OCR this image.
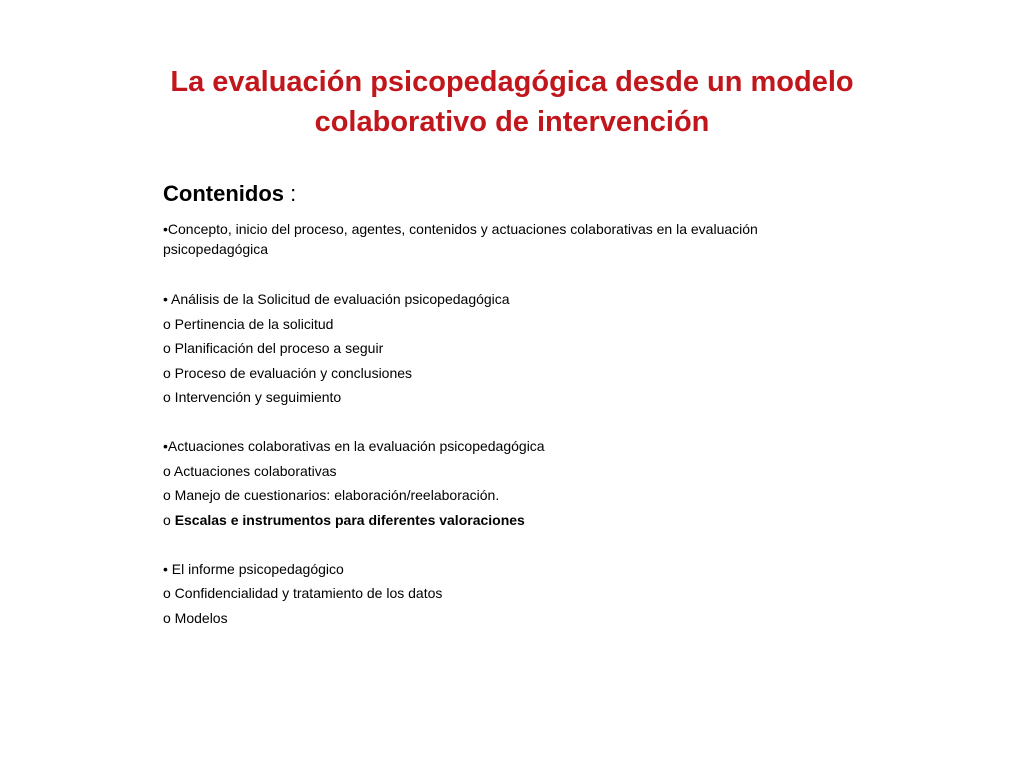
La evaluación psicopedagógica desde un modelo
colaborativo de intervención
Contenidos :
•Concepto, inicio del proceso, agentes, contenidos y actuaciones colaborativas en la evaluación psicopedagógica
• Análisis de la Solicitud de evaluación psicopedagógica
o Pertinencia de la solicitud
o Planificación del proceso a seguir
o Proceso de evaluación y conclusiones
o Intervención y seguimiento
•Actuaciones colaborativas en la evaluación psicopedagógica
o Actuaciones colaborativas
o Manejo de cuestionarios: elaboración/reelaboración.
o Escalas e instrumentos para diferentes valoraciones
• El informe psicopedagógico
o Confidencialidad y tratamiento de los datos
o Modelos
